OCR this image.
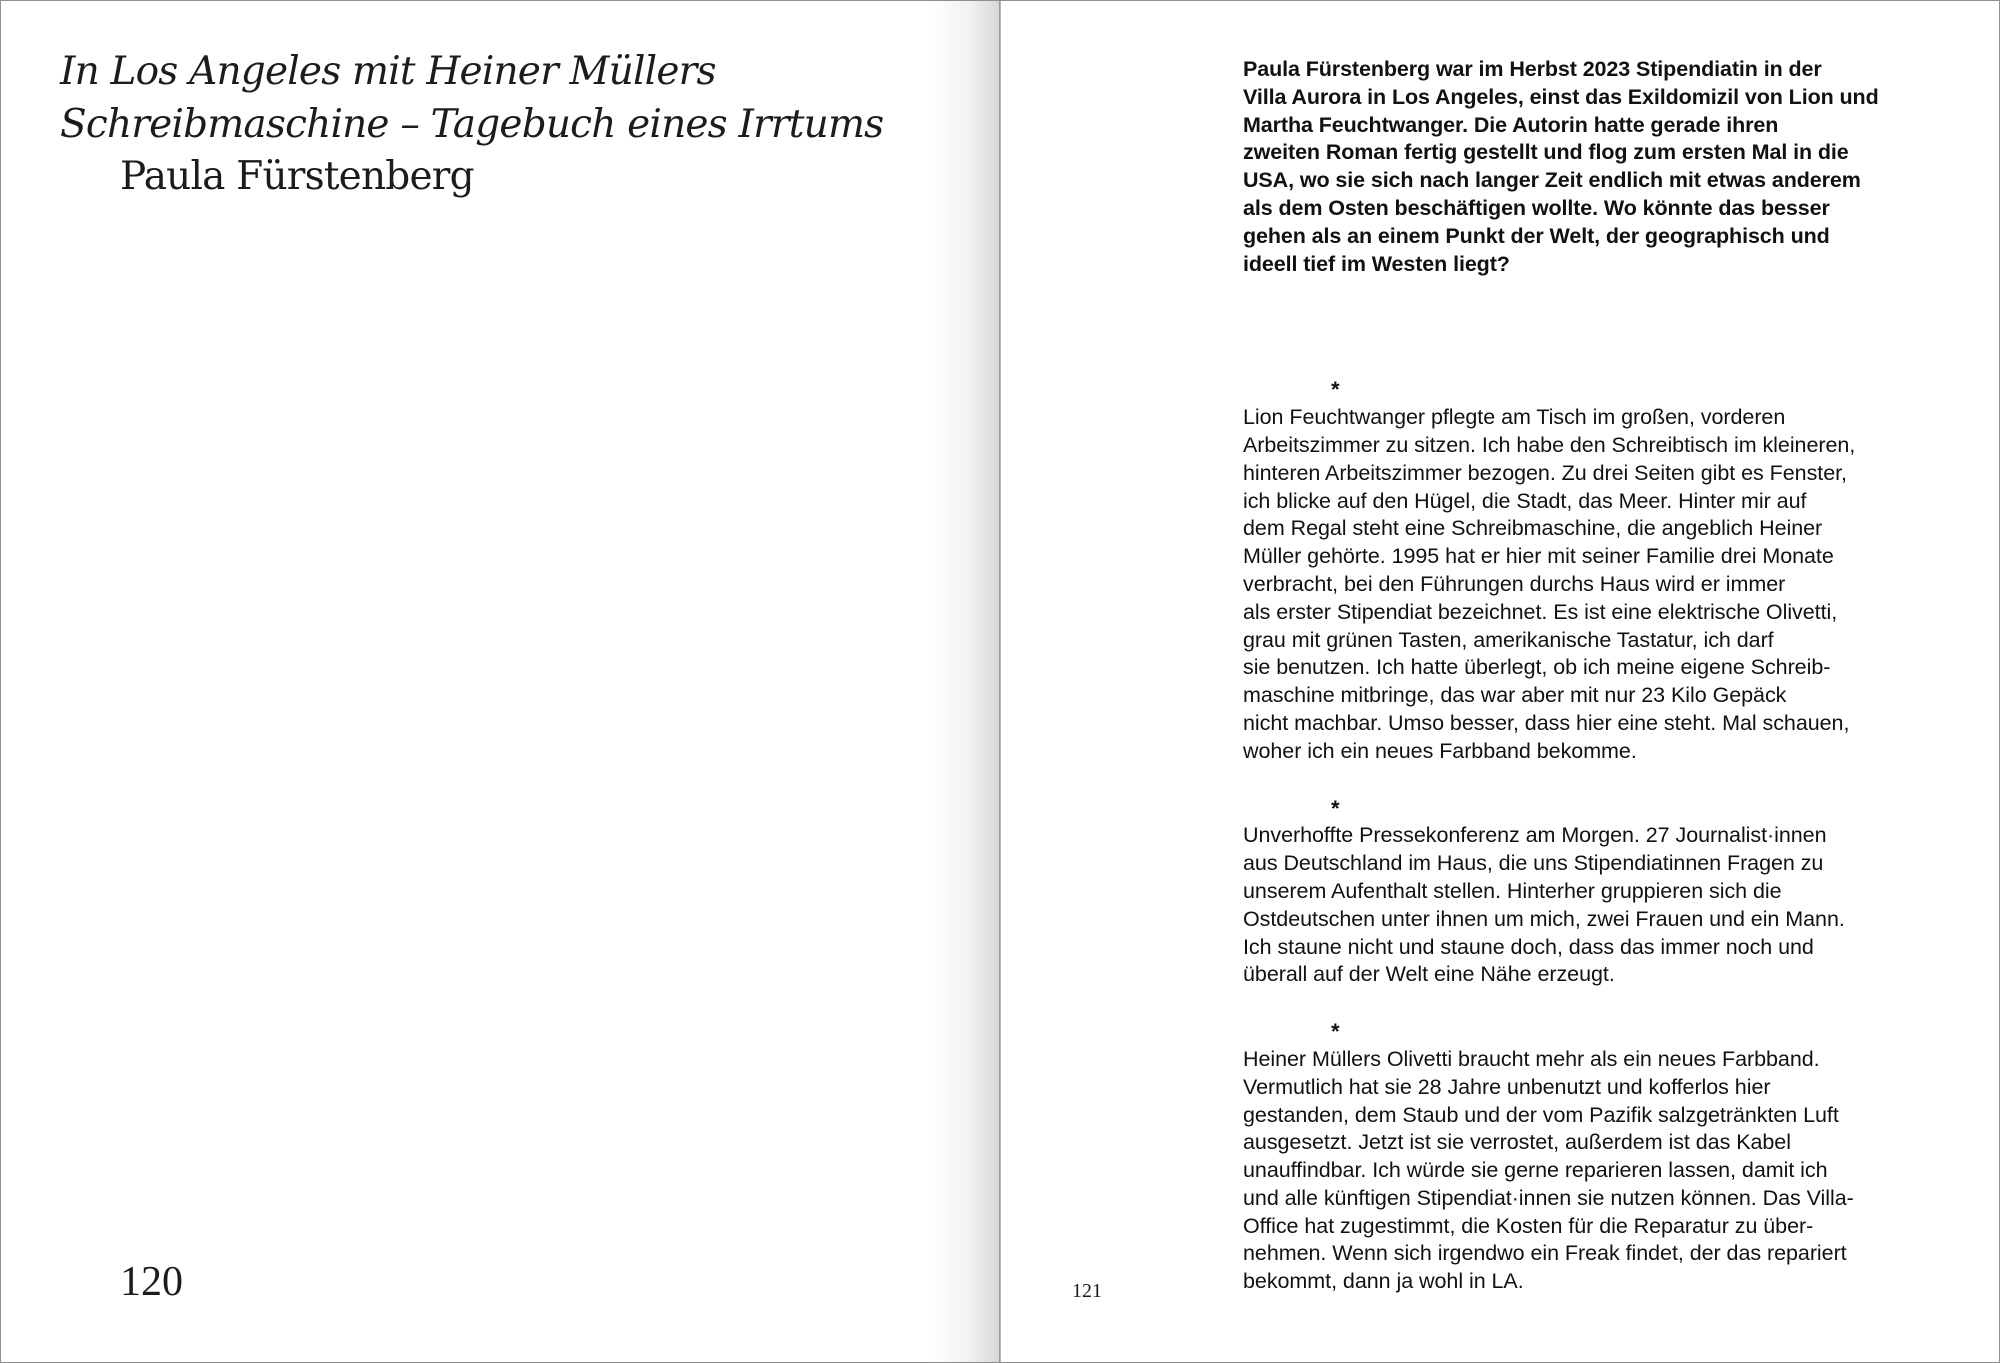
In Los Angeles mit Heiner Müllers
Schreibmaschine – Tagebuch eines Irrtums
Paula Fürstenberg
120

Paula Fürstenberg war im Herbst 2023 Stipendiatin in der
Villa Aurora in Los Angeles, einst das Exildomizil von Lion und
Martha Feuchtwanger. Die Autorin hatte gerade ihren
zweiten Roman fertig gestellt und flog zum ersten Mal in die
USA, wo sie sich nach langer Zeit endlich mit etwas anderem
als dem Osten beschäftigen wollte. Wo könnte das besser
gehen als an einem Punkt der Welt, der geographisch und
ideell tief im Westen liegt?

*

Lion Feuchtwanger pflegte am Tisch im großen, vorderen
Arbeitszimmer zu sitzen. Ich habe den Schreibtisch im kleineren,
hinteren Arbeitszimmer bezogen. Zu drei Seiten gibt es Fenster,
ich blicke auf den Hügel, die Stadt, das Meer. Hinter mir auf
dem Regal steht eine Schreibmaschine, die angeblich Heiner
Müller gehörte. 1995 hat er hier mit seiner Familie drei Monate
verbracht, bei den Führungen durchs Haus wird er immer
als erster Stipendiat bezeichnet. Es ist eine elektrische Olivetti,
grau mit grünen Tasten, amerikanische Tastatur, ich darf
sie benutzen. Ich hatte überlegt, ob ich meine eigene Schreib-
maschine mitbringe, das war aber mit nur 23 Kilo Gepäck
nicht machbar. Umso besser, dass hier eine steht. Mal schauen,
woher ich ein neues Farbband bekomme.

*

Unverhoffte Pressekonferenz am Morgen. 27 Journalist·innen
aus Deutschland im Haus, die uns Stipendiatinnen Fragen zu
unserem Aufenthalt stellen. Hinterher gruppieren sich die
Ostdeutschen unter ihnen um mich, zwei Frauen und ein Mann.
Ich staune nicht und staune doch, dass das immer noch und
überall auf der Welt eine Nähe erzeugt.

*

Heiner Müllers Olivetti braucht mehr als ein neues Farbband.
Vermutlich hat sie 28 Jahre unbenutzt und kofferlos hier
gestanden, dem Staub und der vom Pazifik salzgetränkten Luft
ausgesetzt. Jetzt ist sie verrostet, außerdem ist das Kabel
unauffindbar. Ich würde sie gerne reparieren lassen, damit ich
und alle künftigen Stipendiat·innen sie nutzen können. Das Villa-
Office hat zugestimmt, die Kosten für die Reparatur zu über-
nehmen. Wenn sich irgendwo ein Freak findet, der das repariert
bekommt, dann ja wohl in LA.

121
